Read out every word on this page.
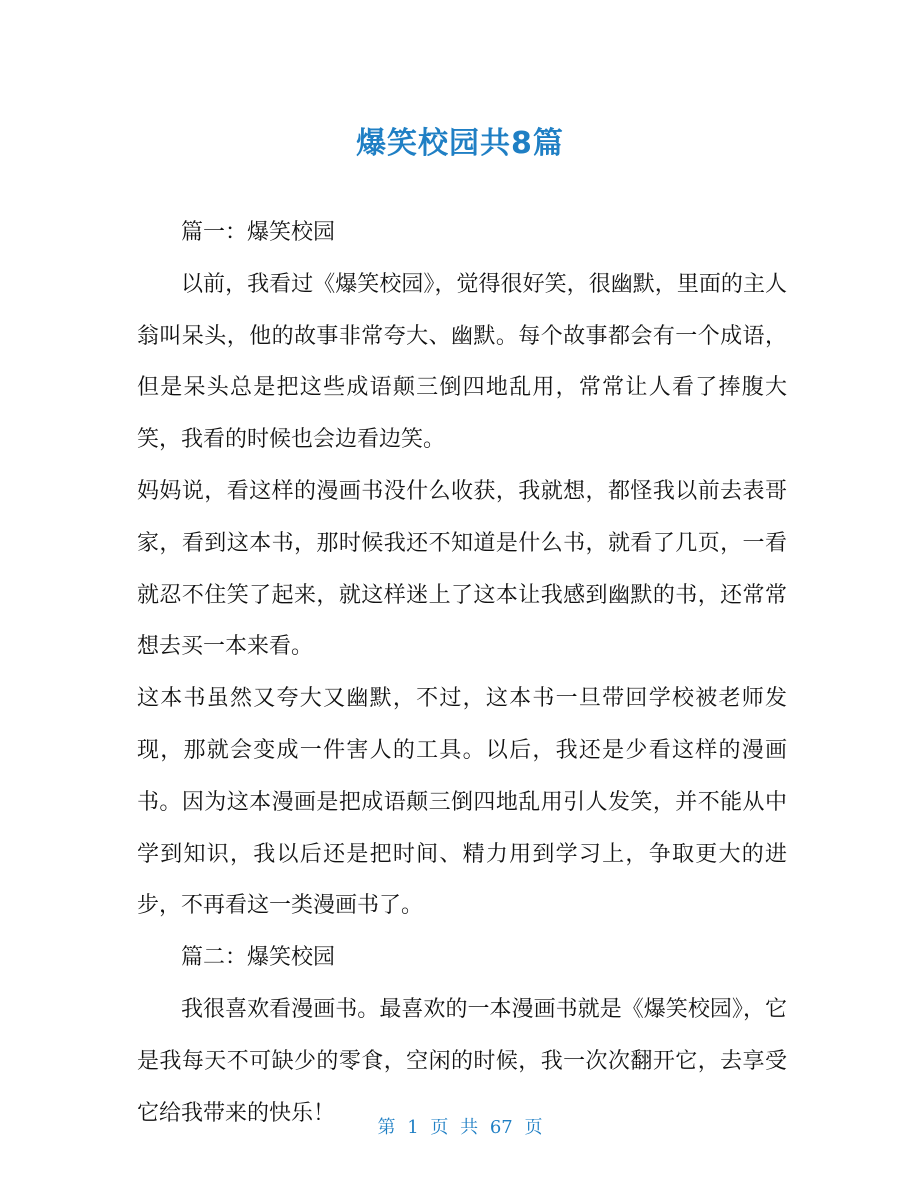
爆笑校园共8篇

篇一：爆笑校园

以前，我看过《爆笑校园》，觉得很好笑，很幽默，里面的主人翁叫呆头，他的故事非常夸大、幽默。每个故事都会有一个成语，但是呆头总是把这些成语颠三倒四地乱用，常常让人看了捧腹大笑，我看的时候也会边看边笑。

妈妈说，看这样的漫画书没什么收获，我就想，都怪我以前去表哥家，看到这本书，那时候我还不知道是什么书，就看了几页，一看就忍不住笑了起来，就这样迷上了这本让我感到幽默的书，还常常想去买一本来看。

这本书虽然又夸大又幽默，不过，这本书一旦带回学校被老师发现，那就会变成一件害人的工具。以后，我还是少看这样的漫画书。因为这本漫画是把成语颠三倒四地乱用引人发笑，并不能从中学到知识，我以后还是把时间、精力用到学习上，争取更大的进步，不再看这一类漫画书了。

篇二：爆笑校园

我很喜欢看漫画书。最喜欢的一本漫画书就是《爆笑校园》，它是我每天不可缺少的零食，空闲的时候，我一次次翻开它，去享受它给我带来的快乐！

第 1 页 共 67 页
